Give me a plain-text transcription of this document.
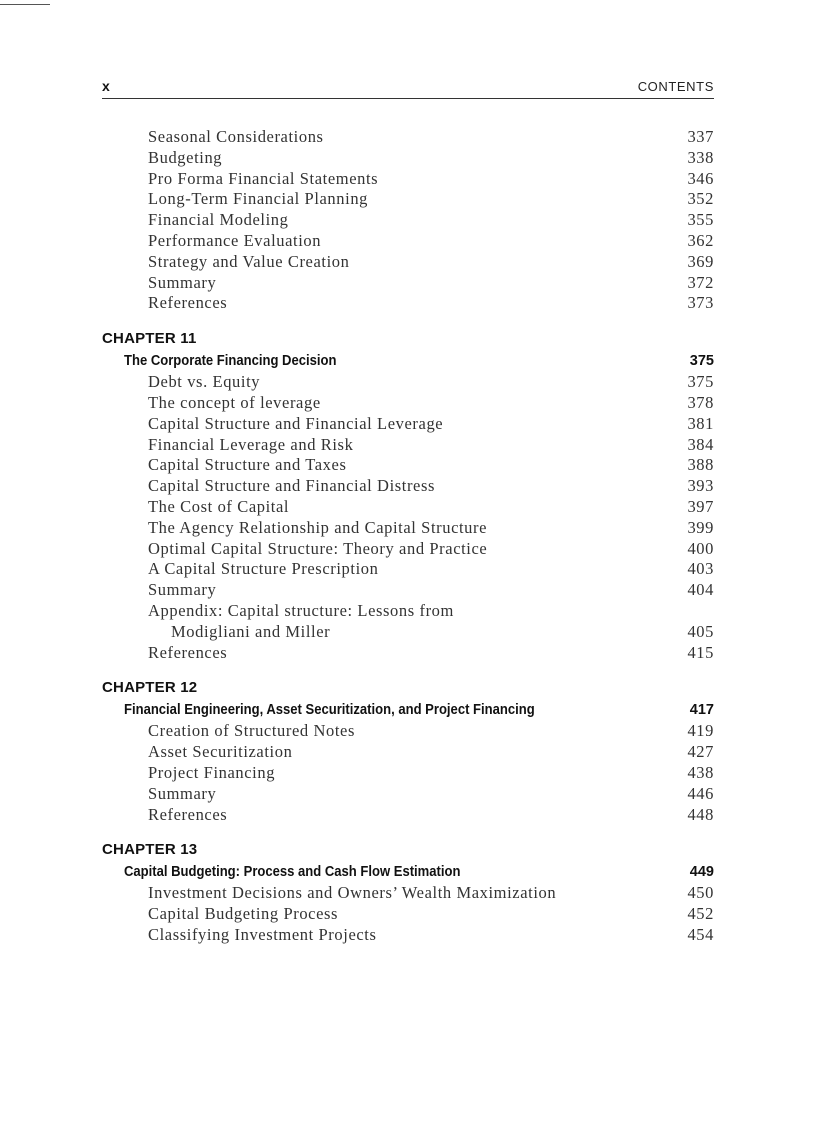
x	CONTENTS
Seasonal Considerations	337
Budgeting	338
Pro Forma Financial Statements	346
Long-Term Financial Planning	352
Financial Modeling	355
Performance Evaluation	362
Strategy and Value Creation	369
Summary	372
References	373
CHAPTER 11
The Corporate Financing Decision	375
Debt vs. Equity	375
The concept of leverage	378
Capital Structure and Financial Leverage	381
Financial Leverage and Risk	384
Capital Structure and Taxes	388
Capital Structure and Financial Distress	393
The Cost of Capital	397
The Agency Relationship and Capital Structure	399
Optimal Capital Structure: Theory and Practice	400
A Capital Structure Prescription	403
Summary	404
Appendix: Capital structure: Lessons from
Modigliani and Miller	405
References	415
CHAPTER 12
Financial Engineering, Asset Securitization, and Project Financing	417
Creation of Structured Notes	419
Asset Securitization	427
Project Financing	438
Summary	446
References	448
CHAPTER 13
Capital Budgeting: Process and Cash Flow Estimation	449
Investment Decisions and Owners’ Wealth Maximization	450
Capital Budgeting Process	452
Classifying Investment Projects	454
